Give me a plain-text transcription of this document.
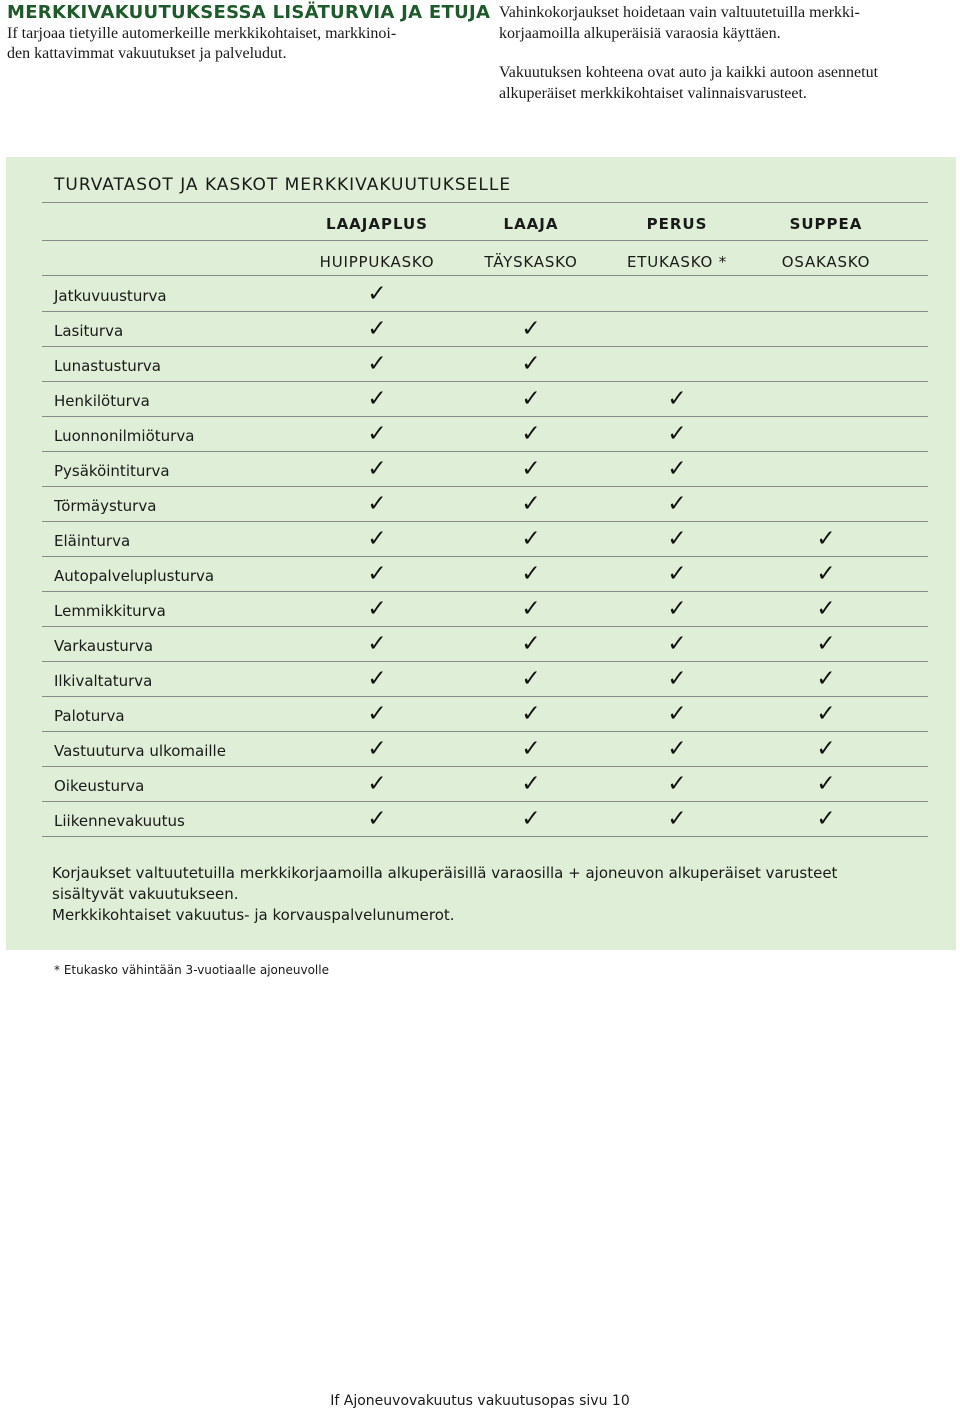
MERKKIVAKUUTUKSESSA LISÄTURVIA JA ETUJA

If tarjoaa tietyille automerkeille merkkikohtaiset, markkinoi-
den kattavimmat vakuutukset ja palveludut.

Vahinkokorjaukset hoidetaan vain valtuutetuilla merkki-
korjaamoilla alkuperäisiä varaosia käyttäen.

Vakuutuksen kohteena ovat auto ja kaikki autoon asennetut
alkuperäiset merkkikohtaiset valinnaisvarusteet.

TURVATASOT JA KASKOT MERKKIVAKUUTUKSELLE
LAAJAPLUS	LAAJA	PERUS	SUPPEA
HUIPPUKASKO	TÄYSKASKO	ETUKASKO *	OSAKASKO
Jatkuvuusturva	✓
Lasiturva	✓	✓
Lunastusturva	✓	✓
Henkilöturva	✓	✓	✓
Luonnonilmiöturva	✓	✓	✓
Pysäköintiturva	✓	✓	✓
Törmäysturva	✓	✓	✓
Eläinturva	✓	✓	✓	✓
Autopalveluplusturva	✓	✓	✓	✓
Lemmikkiturva	✓	✓	✓	✓
Varkausturva	✓	✓	✓	✓
Ilkivaltaturva	✓	✓	✓	✓
Paloturva	✓	✓	✓	✓
Vastuuturva ulkomaille	✓	✓	✓	✓
Oikeusturva	✓	✓	✓	✓
Liikennevakuutus	✓	✓	✓	✓

Korjaukset valtuutetuilla merkkikorjaamoilla alkuperäisillä varaosilla + ajoneuvon alkuperäiset varusteet

sisältyvät vakuutukseen.

Merkkikohtaiset vakuutus- ja korvauspalvelunumerot.

* Etukasko vähintään 3-vuotiaalle ajoneuvolle
If Ajoneuvovakuutus vakuutusopas sivu 10
